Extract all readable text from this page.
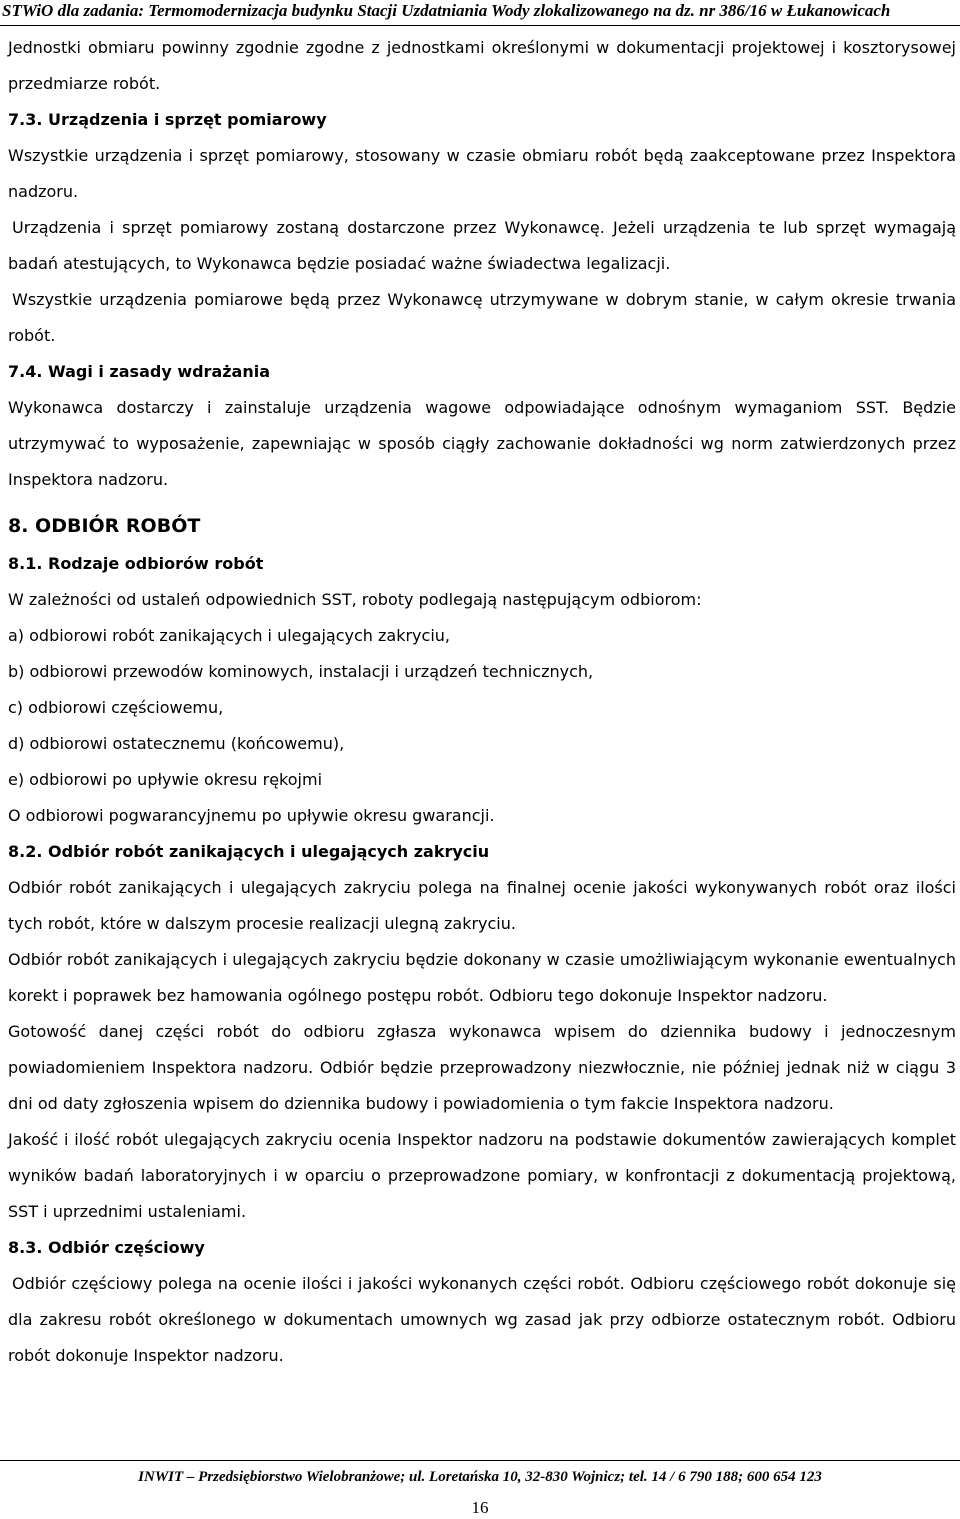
STWiO dla zadania: Termomodernizacja budynku Stacji Uzdatniania Wody zlokalizowanego na dz. nr 386/16 w Łukanowicach

Jednostki obmiaru powinny zgodnie zgodne z jednostkami określonymi w dokumentacji projektowej i kosztorysowej przedmiarze robót.

7.3. Urządzenia i sprzęt pomiarowy

Wszystkie urządzenia i sprzęt pomiarowy, stosowany w czasie obmiaru robót będą zaakceptowane przez Inspektora nadzoru.

Urządzenia i sprzęt pomiarowy zostaną dostarczone przez Wykonawcę. Jeżeli urządzenia te lub sprzęt wymagają badań atestujących, to Wykonawca będzie posiadać ważne świadectwa legalizacji.

Wszystkie urządzenia pomiarowe będą przez Wykonawcę utrzymywane w dobrym stanie, w całym okresie trwania robót.

7.4. Wagi i zasady wdrażania

Wykonawca dostarczy i zainstaluje urządzenia wagowe odpowiadające odnośnym wymaganiom SST. Będzie utrzymywać to wyposażenie, zapewniając w sposób ciągły zachowanie dokładności wg norm zatwierdzonych przez Inspektora nadzoru.

8. ODBIÓR ROBÓT

8.1. Rodzaje odbiorów robót

W zależności od ustaleń odpowiednich SST, roboty podlegają następującym odbiorom:

a) odbiorowi robót zanikających i ulegających zakryciu,

b) odbiorowi przewodów kominowych, instalacji i urządzeń technicznych,

c) odbiorowi częściowemu,

d) odbiorowi ostatecznemu (końcowemu),

e) odbiorowi po upływie okresu rękojmi

O odbiorowi pogwarancyjnemu po upływie okresu gwarancji.

8.2. Odbiór robót zanikających i ulegających zakryciu

Odbiór robót zanikających i ulegających zakryciu polega na finalnej ocenie jakości wykonywanych robót oraz ilości tych robót, które w dalszym procesie realizacji ulegną zakryciu.

Odbiór robót zanikających i ulegających zakryciu będzie dokonany w czasie umożliwiającym wykonanie ewentualnych korekt i poprawek bez hamowania ogólnego postępu robót. Odbioru tego dokonuje Inspektor nadzoru.

Gotowość danej części robót do odbioru zgłasza wykonawca wpisem do dziennika budowy i jednoczesnym powiadomieniem Inspektora nadzoru. Odbiór będzie przeprowadzony niezwłocznie, nie później jednak niż w ciągu 3 dni od daty zgłoszenia wpisem do dziennika budowy i powiadomienia o tym fakcie Inspektora nadzoru.

Jakość i ilość robót ulegających zakryciu ocenia Inspektor nadzoru na podstawie dokumentów zawierających komplet wyników badań laboratoryjnych i w oparciu o przeprowadzone pomiary, w konfrontacji z dokumentacją projektową, SST i uprzednimi ustaleniami.

8.3. Odbiór częściowy

Odbiór częściowy polega na ocenie ilości i jakości wykonanych części robót. Odbioru częściowego robót dokonuje się dla zakresu robót określonego w dokumentach umownych wg zasad jak przy odbiorze ostatecznym robót. Odbioru robót dokonuje Inspektor nadzoru.

INWIT – Przedsiębiorstwo Wielobranżowe; ul. Loretańska 10, 32-830 Wojnicz; tel. 14 / 6 790 188; 600 654 123
16
